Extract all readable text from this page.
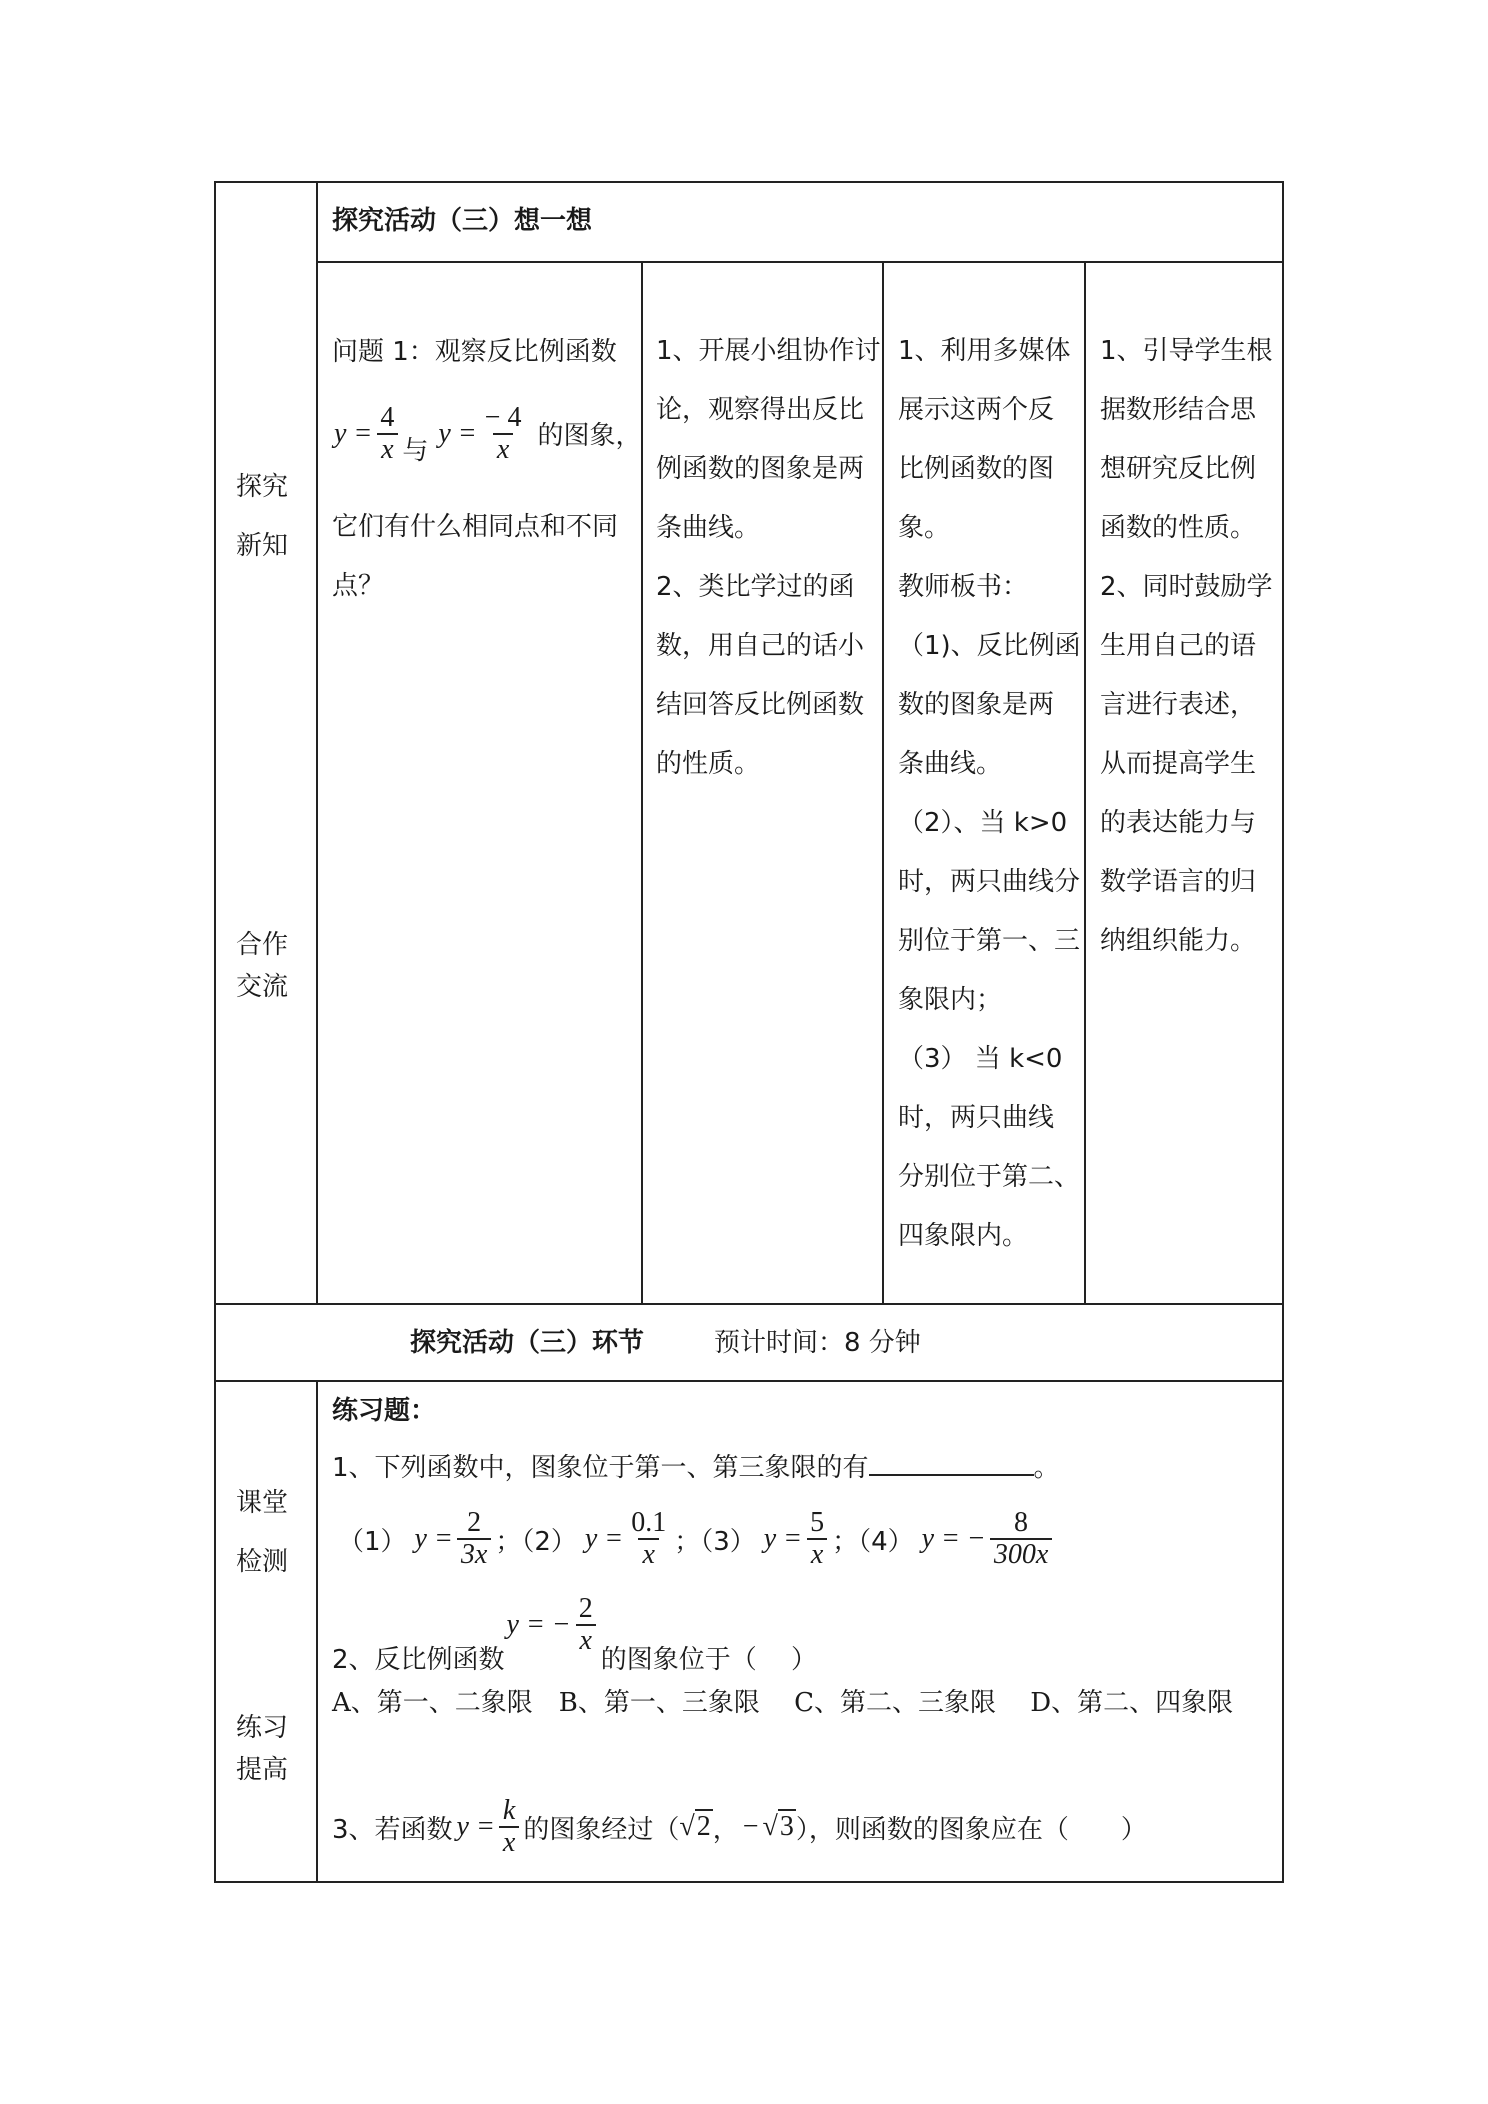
探究
新知
合作
交流
课堂
检测
练习
提高
探究活动（三）想一想
问题 1：观察反比例函数
$y = \frac{4}{x}$ 与
$y = \frac{- 4}{x}$ 的图象，
它们有什么相同点和不同
点？
1、开展小组协作讨
论，观察得出反比
例函数的图象是两
条曲线。
2、类比学过的函
数，用自己的话小
结回答反比例函数
的性质。
1、利用多媒体
展示这两个反
比例函数的图
象。
教师板书：
（1)、反比例函
数的图象是两
条曲线。
（2）、当 k>0
时，两只曲线分
别位于第一、三
象限内；
（3） 当 k<0
时，两只曲线
分别位于第二、
四象限内。
1、引导学生根
据数形结合思
想研究反比例
函数的性质。
2、同时鼓励学
生用自己的语
言进行表述，
从而提高学生
的表达能力与
数学语言的归
纳组织能力。
探究活动（三）环节	预计时间：8 分钟
练习题：
1、下列函数中，图象位于第一、第三象限的有	。
（1） $y = \frac{2}{3x}$ ；（2） $y = \frac{0.1}{x}$ ；（3） $y = \frac{5}{x}$ ；（4） y = − $\frac{8}{300x}$
2、反比例函数
y = − $\frac{2}{x}$
的图象位于（　 ）
A、第一、二象限　B、第一、三象限　 C、第二、三象限　 D、第二、四象限
3、若函数 $y = \frac{k}{x}$ 的图象经过（ √2 ， − √3 ），则函数的图象应在（　　）
